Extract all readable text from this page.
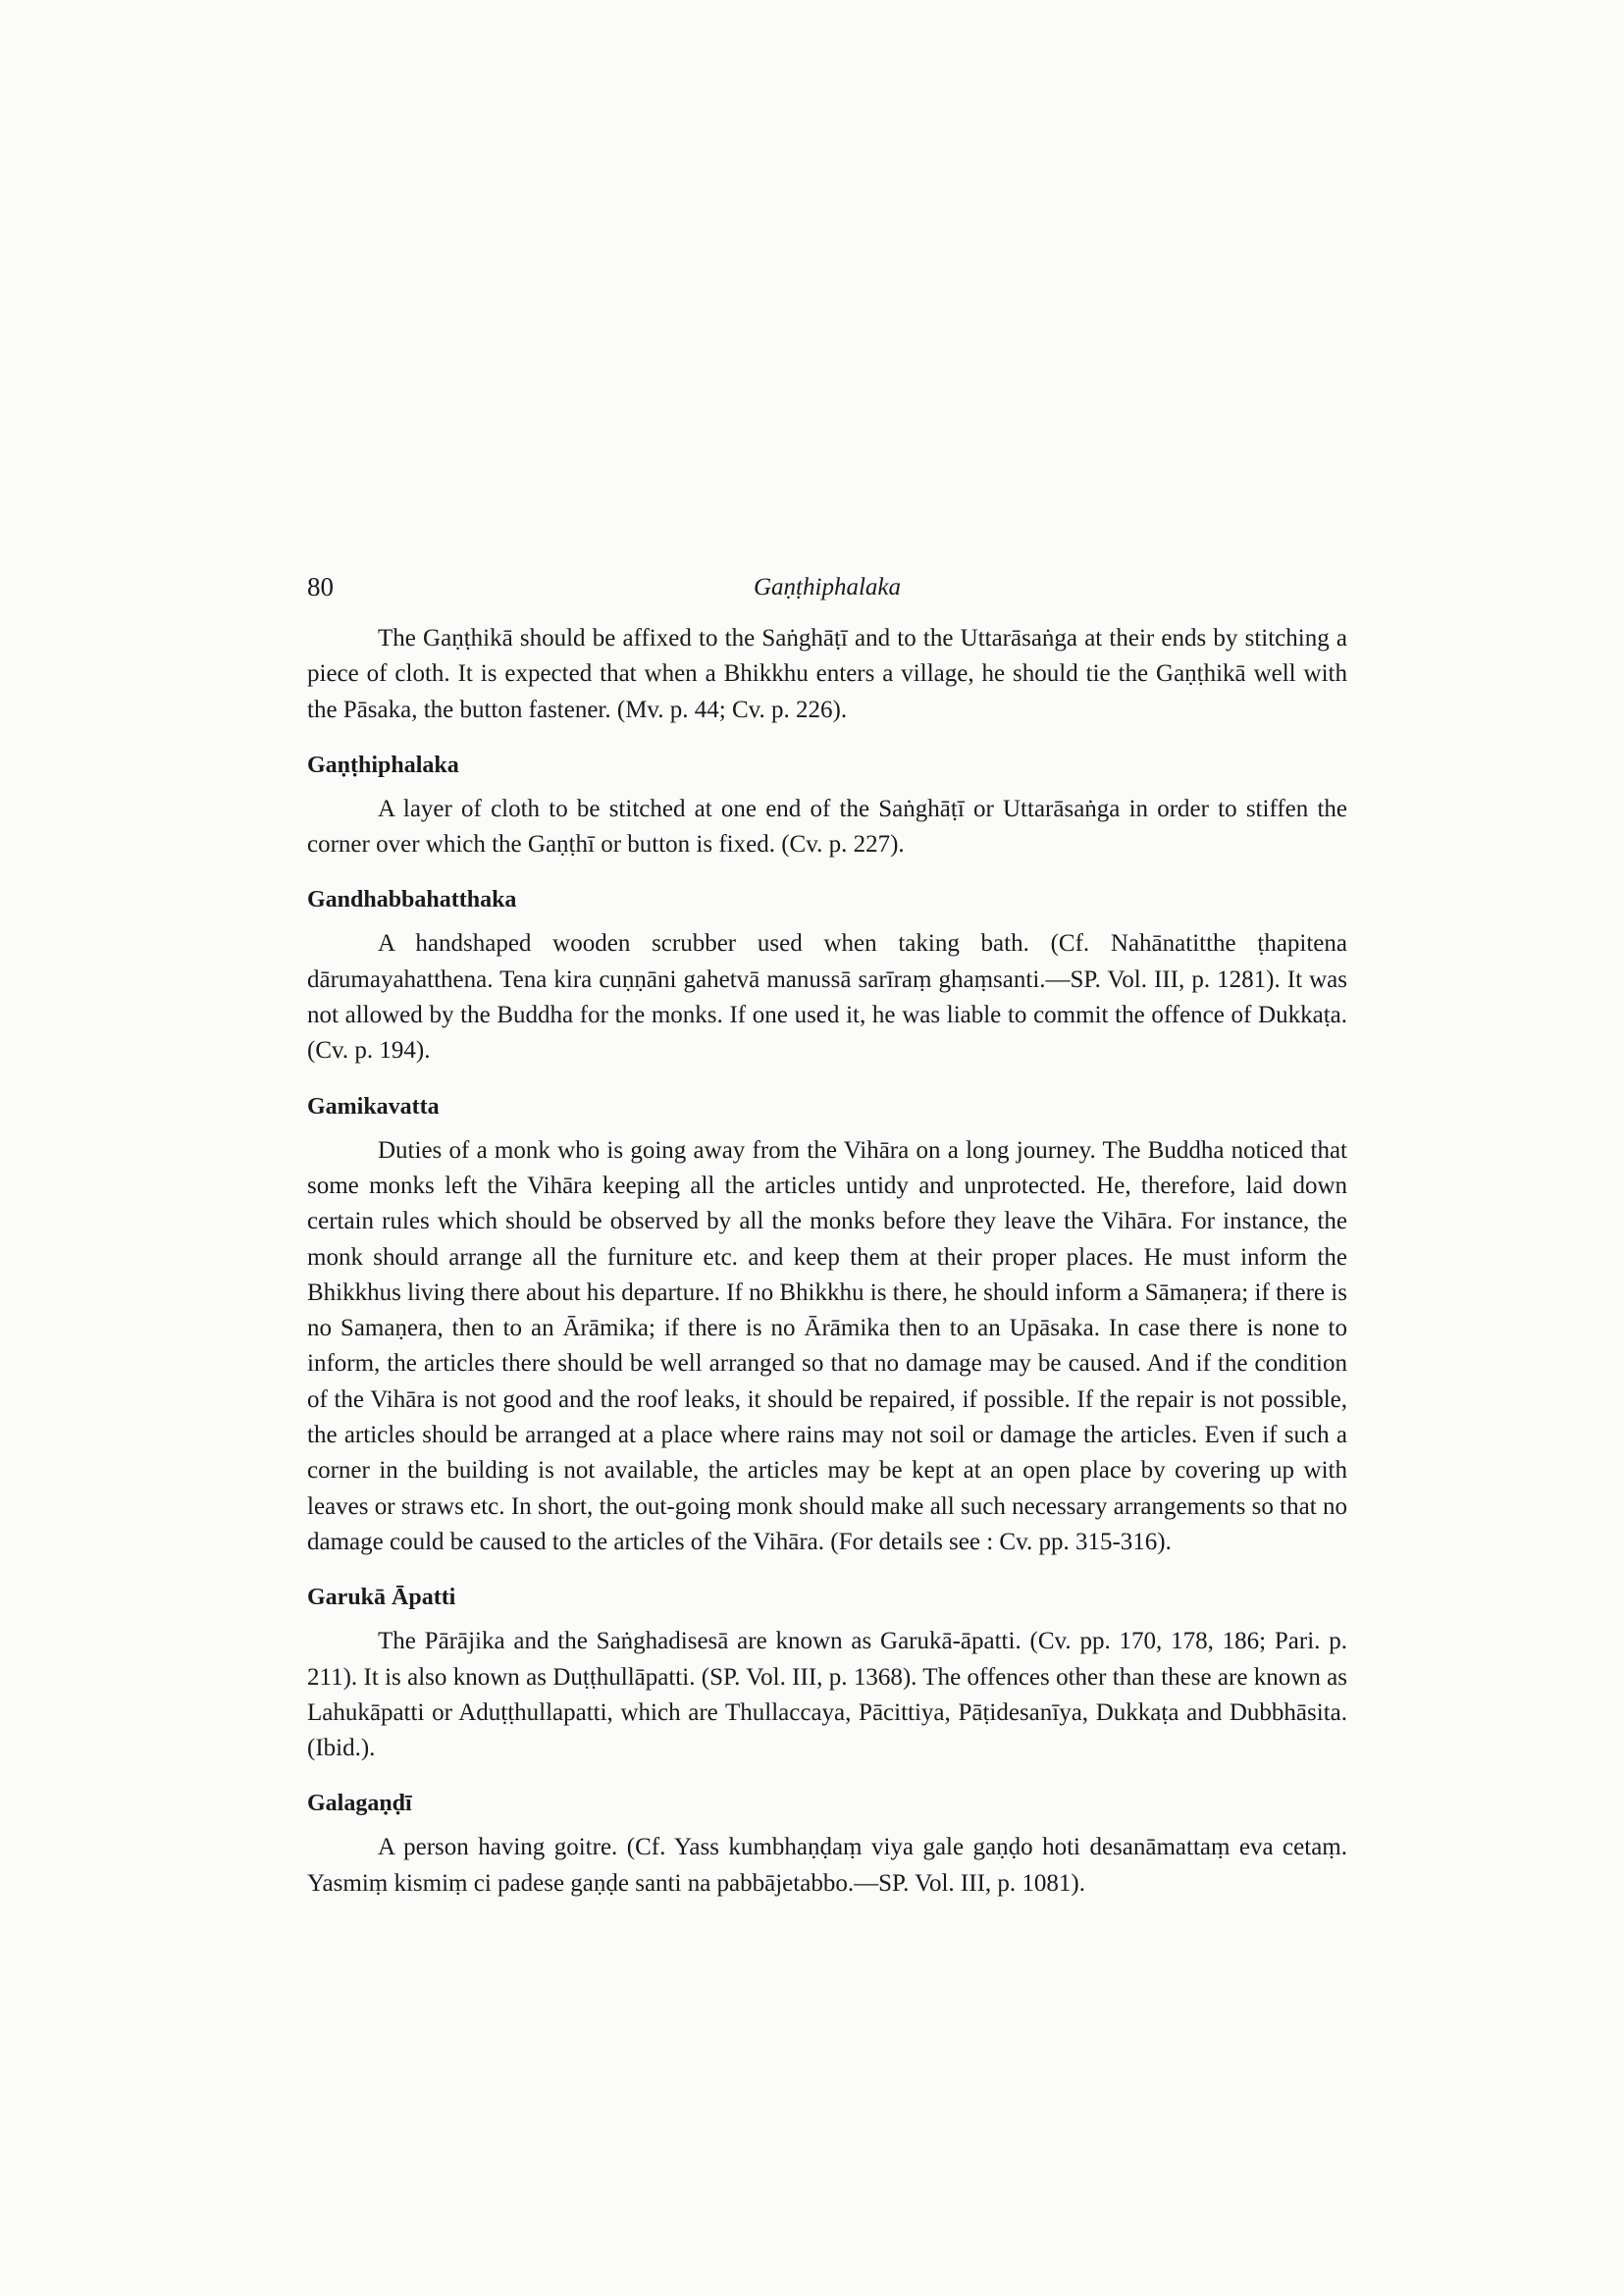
80	Gaṇṭhiphalaka

The Gaṇṭhikā should be affixed to the Saṅghāṭī and to the Uttarāsaṅga at their ends by stitching a piece of cloth. It is expected that when a Bhikkhu enters a village, he should tie the Gaṇṭhikā well with the Pāsaka, the button fastener. (Mv. p. 44; Cv. p. 226).

Gaṇṭhiphalaka

A layer of cloth to be stitched at one end of the Saṅghāṭī or Uttarāsaṅga in order to stiffen the corner over which the Gaṇṭhī or button is fixed. (Cv. p. 227).

Gandhabbahatthaka

A handshaped wooden scrubber used when taking bath. (Cf. Nahānatitthe ṭhapitena dārumayahatthena. Tena kira cuṇṇāni gahetvā manussā sarīraṃ ghaṃsanti.—SP. Vol. III, p. 1281). It was not allowed by the Buddha for the monks. If one used it, he was liable to commit the offence of Dukkaṭa. (Cv. p. 194).

Gamikavatta

Duties of a monk who is going away from the Vihāra on a long journey. The Buddha noticed that some monks left the Vihāra keeping all the articles untidy and unprotected. He, therefore, laid down certain rules which should be observed by all the monks before they leave the Vihāra. For instance, the monk should arrange all the furniture etc. and keep them at their proper places. He must inform the Bhikkhus living there about his departure. If no Bhikkhu is there, he should inform a Sāmaṇera; if there is no Samaṇera, then to an Ārāmika; if there is no Ārāmika then to an Upāsaka. In case there is none to inform, the articles there should be well arranged so that no damage may be caused. And if the condition of the Vihāra is not good and the roof leaks, it should be repaired, if possible. If the repair is not possible, the articles should be arranged at a place where rains may not soil or damage the articles. Even if such a corner in the building is not available, the articles may be kept at an open place by covering up with leaves or straws etc. In short, the out-going monk should make all such necessary arrangements so that no damage could be caused to the articles of the Vihāra. (For details see : Cv. pp. 315-316).

Garukā Āpatti

The Pārājika and the Saṅghadisesā are known as Garukā-āpatti. (Cv. pp. 170, 178, 186; Pari. p. 211). It is also known as Duṭṭhullāpatti. (SP. Vol. III, p. 1368). The offences other than these are known as Lahukāpatti or Aduṭṭhullapatti, which are Thullaccaya, Pācittiya, Pāṭidesanīya, Dukkaṭa and Dubbhāsita. (Ibid.).

Galagaṇḍī

A person having goitre. (Cf. Yass kumbhaṇḍaṃ viya gale gaṇḍo hoti desanāmattaṃ eva cetaṃ. Yasmiṃ kismiṃ ci padese gaṇḍe santi na pabbājetabbo.—SP. Vol. III, p. 1081).
